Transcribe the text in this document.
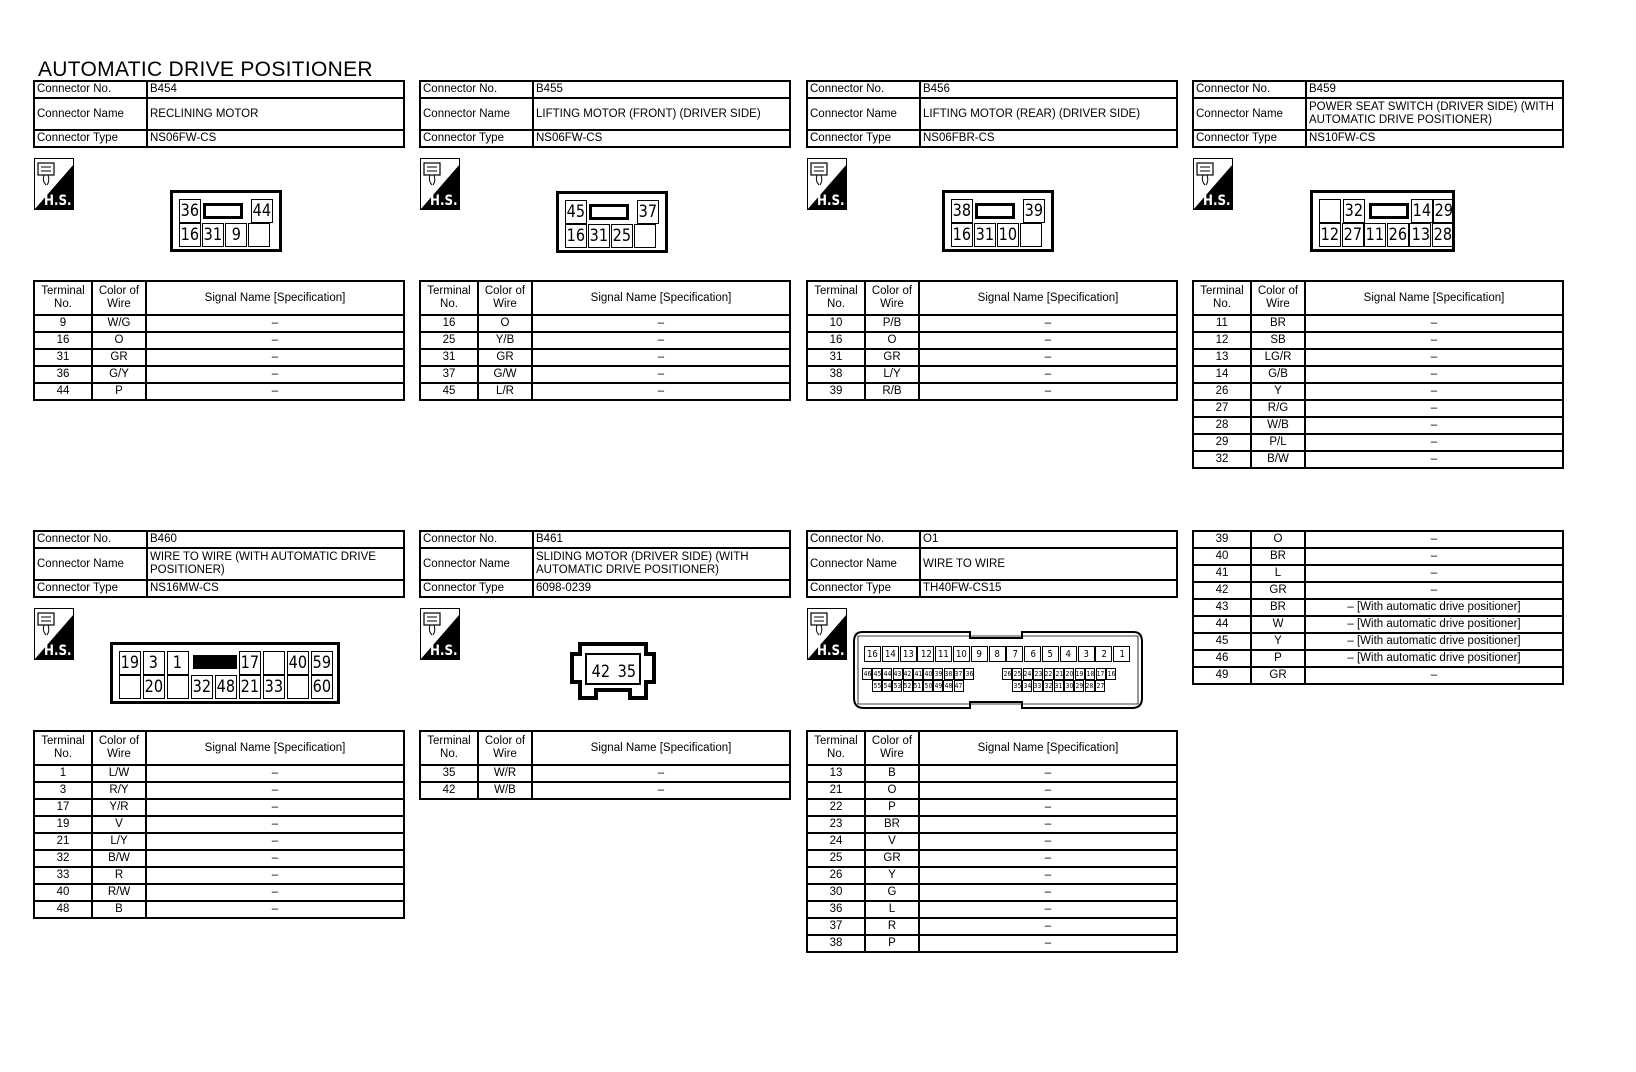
AUTOMATIC DRIVE POSITIONER
Connector No.	B454
Connector Name	RECLINING MOTOR
Connector Type	NS06FW-CS
H.S.
Terminal No.	Color of Wire	Signal Name [Specification]
9	W/G	–
16	O	–
31	GR	–
36	G/Y	–
44	P	–
Connector No.	B455
Connector Name	LIFTING MOTOR (FRONT) (DRIVER SIDE)
Connector Type	NS06FW-CS
H.S.
Terminal No.	Color of Wire	Signal Name [Specification]
16	O	–
25	Y/B	–
31	GR	–
37	G/W	–
45	L/R	–
Connector No.	B456
Connector Name	LIFTING MOTOR (REAR) (DRIVER SIDE)
Connector Type	NS06FBR-CS
H.S.
Terminal No.	Color of Wire	Signal Name [Specification]
10	P/B	–
16	O	–
31	GR	–
38	L/Y	–
39	R/B	–
Connector No.	B459
Connector Name	POWER SEAT SWITCH (DRIVER SIDE) (WITH AUTOMATIC DRIVE POSITIONER)
Connector Type	NS10FW-CS
H.S.
Terminal No.	Color of Wire	Signal Name [Specification]
11	BR	–
12	SB	–
13	LG/R	–
14	G/B	–
26	Y	–
27	R/G	–
28	W/B	–
29	P/L	–
32	B/W	–
Connector No.	B460
Connector Name	WIRE TO WIRE (WITH AUTOMATIC DRIVE POSITIONER)
Connector Type	NS16MW-CS
H.S.
Terminal No.	Color of Wire	Signal Name [Specification]
1	L/W	–
3	R/Y	–
17	Y/R	–
19	V	–
21	L/Y	–
32	B/W	–
33	R	–
40	R/W	–
48	B	–
Connector No.	B461
Connector Name	SLIDING MOTOR (DRIVER SIDE) (WITH AUTOMATIC DRIVE POSITIONER)
Connector Type	6098-0239
H.S.
Terminal No.	Color of Wire	Signal Name [Specification]
35	W/R	–
42	W/B	–
Connector No.	O1
Connector Name	WIRE TO WIRE
Connector Type	TH40FW-CS15
H.S.
Terminal No.	Color of Wire	Signal Name [Specification]
13	B	–
21	O	–
22	P	–
23	BR	–
24	V	–
25	GR	–
26	Y	–
30	G	–
36	L	–
37	R	–
38	P	–
39	O	–
40	BR	–
41	L	–
42	GR	–
43	BR	– [With automatic drive positioner]
44	W	– [With automatic drive positioner]
45	Y	– [With automatic drive positioner]
46	P	– [With automatic drive positioner]
49	GR	–
36	44
16 31 9
45	37
16 31 25
38	39
16 31 10
32	14 29
12 27 11 26 13 28
19 3 1	17 40 59
20 32 48 21 33 60
42 35
16 14 13 12 11 10 9 8 7 6 5 4 3 2 1
46 45 44 43 42 41 40 39 38 37 36	26 25 24 23 22 21 20 19 18 17 16
55 54 53 52 51 50 49 48 47	35 34 33 32 31 30 29 28 27
